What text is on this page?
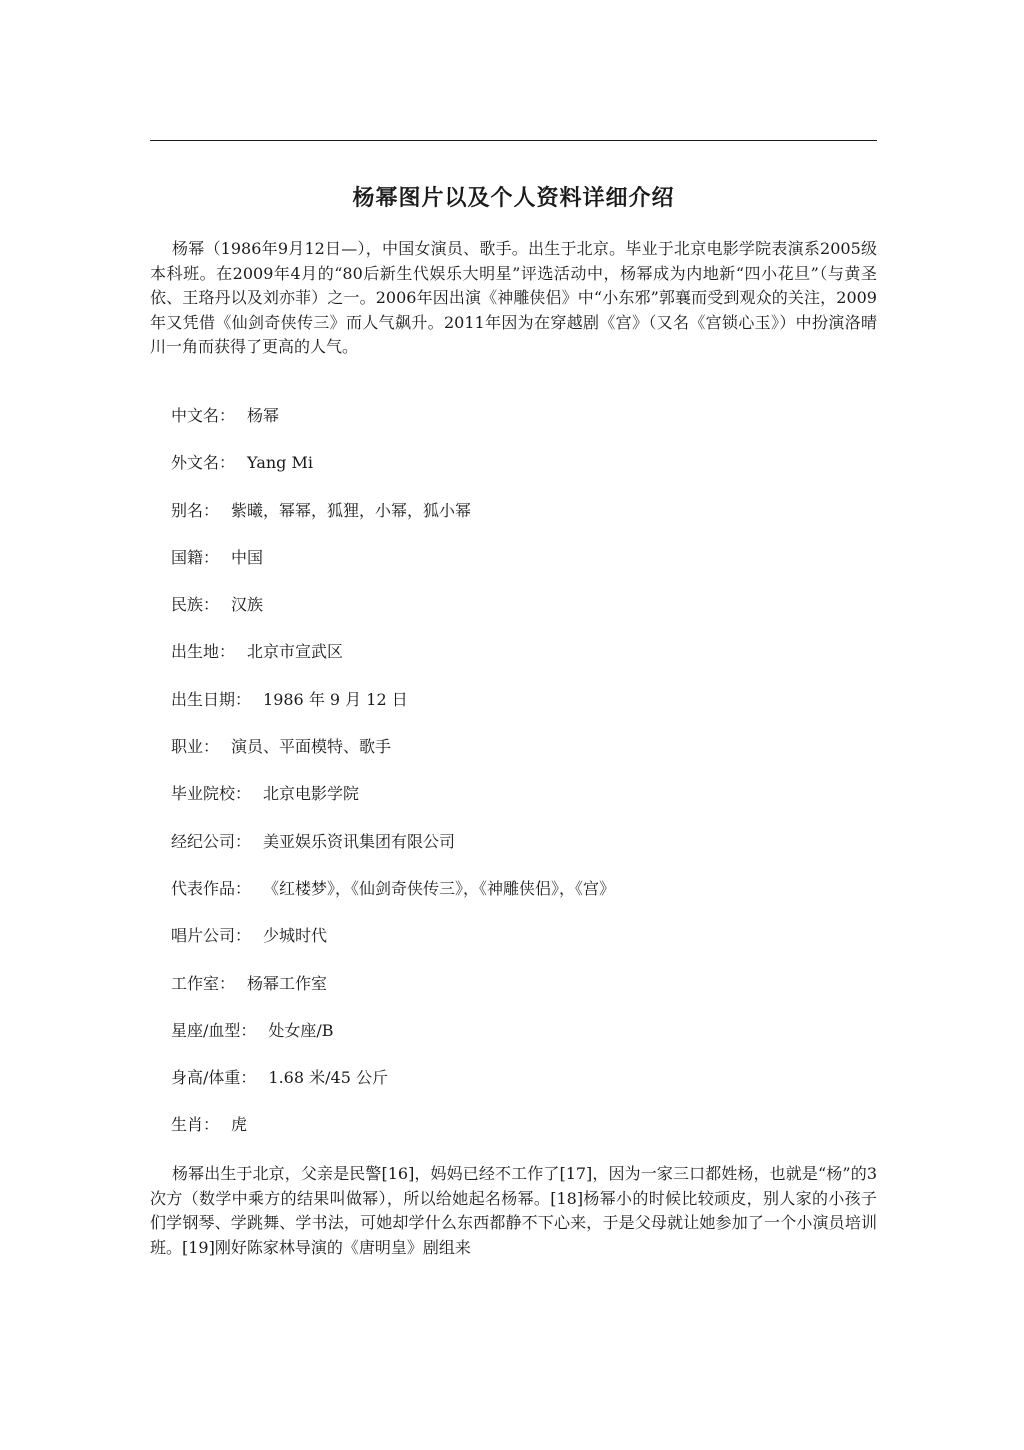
杨幂图片以及个人资料详细介绍

杨幂（1986年9月12日—），中国女演员、歌手。出生于北京。毕业于北京电影学院表演系2005级本科班。在2009年4月的“80后新生代娱乐大明星”评选活动中，杨幂成为内地新“四小花旦”（与黄圣依、王珞丹以及刘亦菲）之一。2006年因出演《神雕侠侣》中“小东邪”郭襄而受到观众的关注，2009年又凭借《仙剑奇侠传三》而人气飙升。2011年因为在穿越剧《宫》（又名《宫锁心玉》）中扮演洛晴川一角而获得了更高的人气。

中文名： 杨幂
外文名： Yang Mi
别名： 紫曦，幂幂，狐狸，小幂，狐小幂
国籍： 中国
民族： 汉族
出生地： 北京市宣武区
出生日期： 1986 年 9 月 12 日
职业： 演员、平面模特、歌手
毕业院校： 北京电影学院
经纪公司： 美亚娱乐资讯集团有限公司
代表作品： 《红楼梦》，《仙剑奇侠传三》，《神雕侠侣》，《宫》
唱片公司： 少城时代
工作室： 杨幂工作室
星座/血型： 处女座/B
身高/体重： 1.68 米/45 公斤
生肖： 虎

杨幂出生于北京，父亲是民警[16]，妈妈已经不工作了[17]，因为一家三口都姓杨，也就是“杨”的3次方（数学中乘方的结果叫做幂），所以给她起名杨幂。[18]杨幂小的时候比较顽皮，别人家的小孩子们学钢琴、学跳舞、学书法，可她却学什么东西都静不下心来，于是父母就让她参加了一个小演员培训班。[19]刚好陈家林导演的《唐明皇》剧组来
